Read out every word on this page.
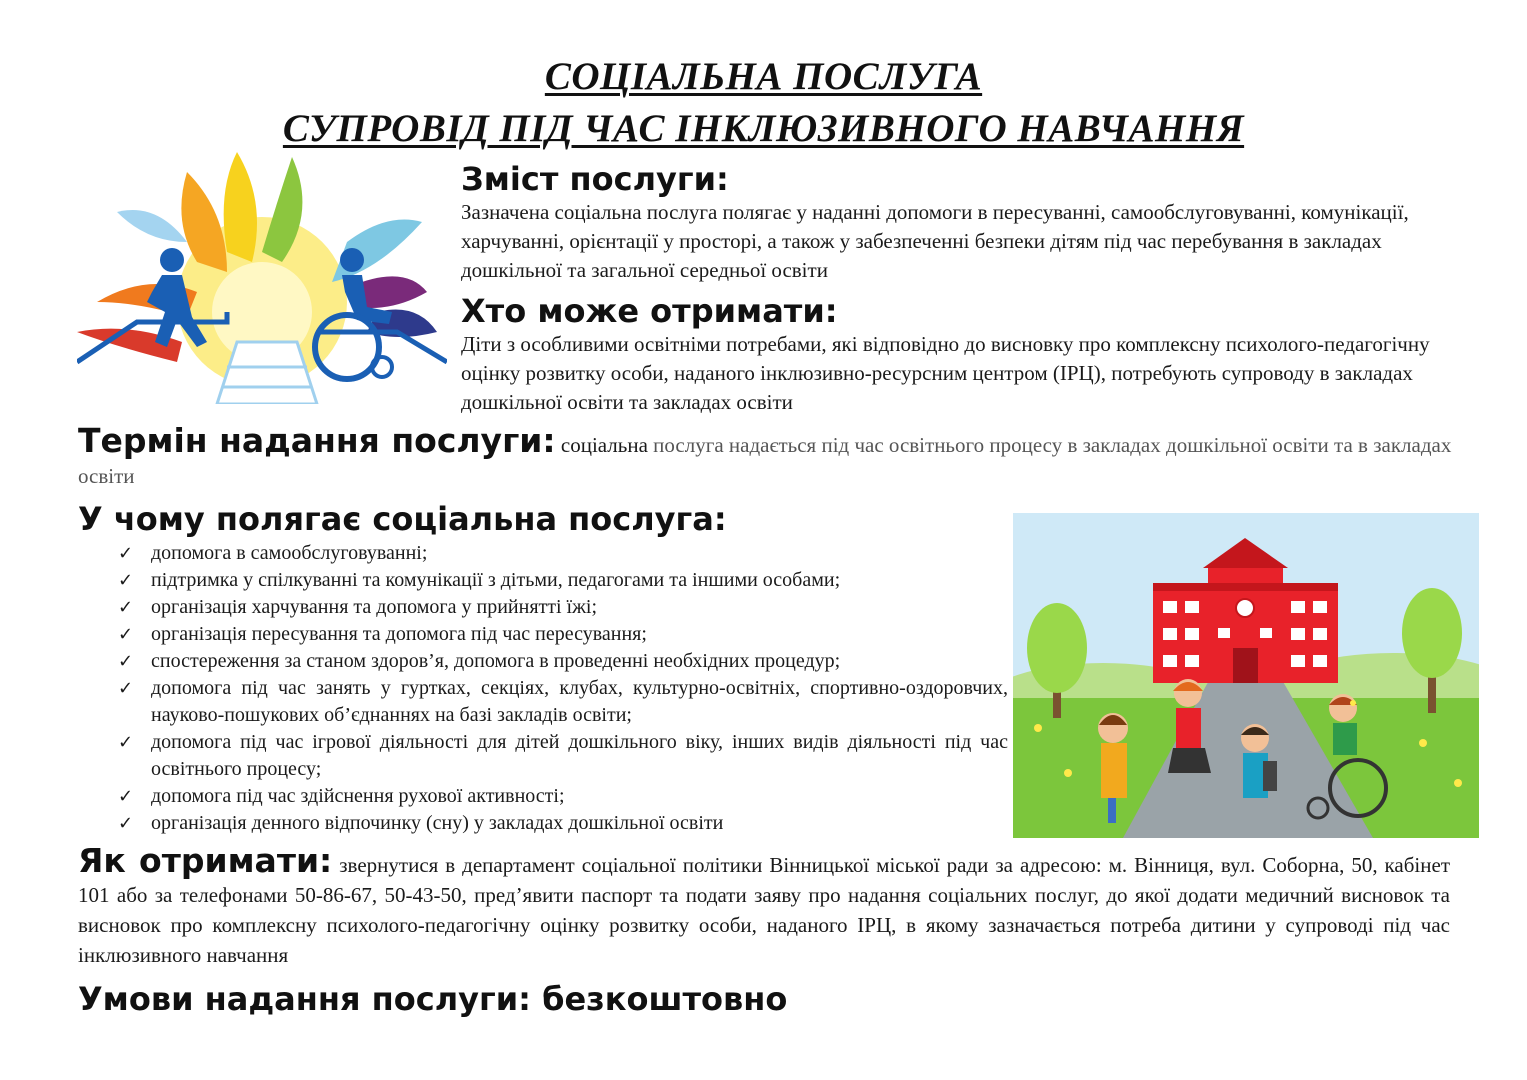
СОЦІАЛЬНА ПОСЛУГА
СУПРОВІД ПІД ЧАС ІНКЛЮЗИВНОГО НАВЧАННЯ
Зміст послуги:
Зазначена соціальна послуга полягає у наданні допомоги в пересуванні, самообслуговуванні, комунікації, харчуванні, орієнтації у просторі, а також у забезпеченні безпеки дітям під час перебування в закладах дошкільної та загальної середньої освіти
Хто може отримати:
Діти з особливими освітніми потребами, які відповідно до висновку про комплексну психолого-педагогічну оцінку розвитку особи, наданого інклюзивно-ресурсним центром (ІРЦ), потребують супроводу в закладах дошкільної освіти та закладах освіти
Термін надання послуги: соціальна послуга надається під час освітнього процесу в закладах дошкільної освіти та в закладах освіти
У чому полягає соціальна послуга:
✓ допомога в самообслуговуванні;
✓ підтримка у спілкуванні та комунікації з дітьми, педагогами та іншими особами;
✓ організація харчування та допомога у прийнятті їжі;
✓ організація пересування та допомога під час пересування;
✓ спостереження за станом здоров’я, допомога в проведенні необхідних процедур;
✓ допомога під час занять у гуртках, секціях, клубах, культурно-освітніх, спортивно-оздоровчих, науково-пошукових об’єднаннях на базі закладів освіти;
✓ допомога під час ігрової діяльності для дітей дошкільного віку, інших видів діяльності під час освітнього процесу;
✓ допомога під час здійснення рухової активності;
✓ організація денного відпочинку (сну) у закладах дошкільної освіти
Як отримати: звернутися в департамент соціальної політики Вінницької міської ради за адресою: м. Вінниця, вул. Соборна, 50, кабінет 101 або за телефонами 50-86-67, 50-43-50, пред’явити паспорт та подати заяву про надання соціальних послуг, до якої додати медичний висновок та висновок про комплексну психолого-педагогічну оцінку розвитку особи, наданого ІРЦ, в якому зазначається потреба дитини у супроводі під час інклюзивного навчання
Умови надання послуги: безкоштовно
